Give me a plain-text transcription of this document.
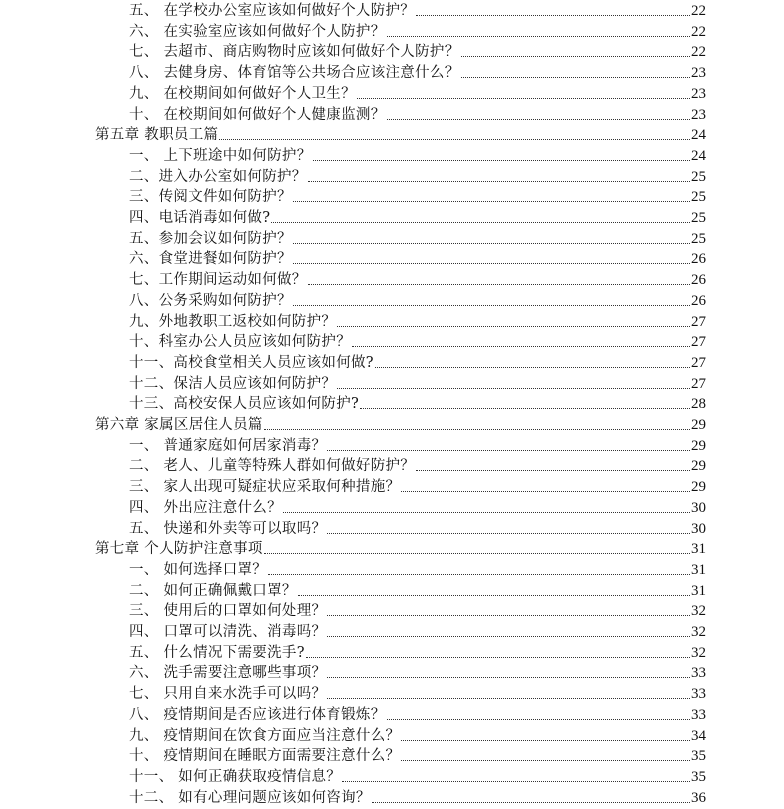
五、 在学校办公室应该如何做好个人防护？	22
六、 在实验室应该如何做好个人防护？	22
七、 去超市、商店购物时应该如何做好个人防护？	22
八、 去健身房、体育馆等公共场合应该注意什么？	23
九、 在校期间如何做好个人卫生？	23
十、 在校期间如何做好个人健康监测？	23
第五章 教职员工篇	24
一、 上下班途中如何防护？	24
二、进入办公室如何防护？	25
三、传阅文件如何防护？	25
四、电话消毒如何做?	25
五、参加会议如何防护？	25
六、食堂进餐如何防护？	26
七、工作期间运动如何做？	26
八、公务采购如何防护？	26
九、外地教职工返校如何防护？	27
十、科室办公人员应该如何防护？	27
十一、高校食堂相关人员应该如何做?	27
十二、保洁人员应该如何防护？	27
十三、高校安保人员应该如何防护?	28
第六章 家属区居住人员篇	29
一、 普通家庭如何居家消毒？	29
二、 老人、儿童等特殊人群如何做好防护？	29
三、 家人出现可疑症状应采取何种措施？	29
四、 外出应注意什么？	30
五、 快递和外卖等可以取吗？	30
第七章 个人防护注意事项	31
一、 如何选择口罩？	31
二、 如何正确佩戴口罩？	31
三、 使用后的口罩如何处理？	32
四、 口罩可以清洗、消毒吗？	32
五、 什么情况下需要洗手?	32
六、 洗手需要注意哪些事项？	33
七、 只用自来水洗手可以吗？	33
八、 疫情期间是否应该进行体育锻炼？	33
九、 疫情期间在饮食方面应当注意什么？	34
十、 疫情期间在睡眠方面需要注意什么？	35
十一、 如何正确获取疫情信息？	35
十二、 如有心理问题应该如何咨询？	36
